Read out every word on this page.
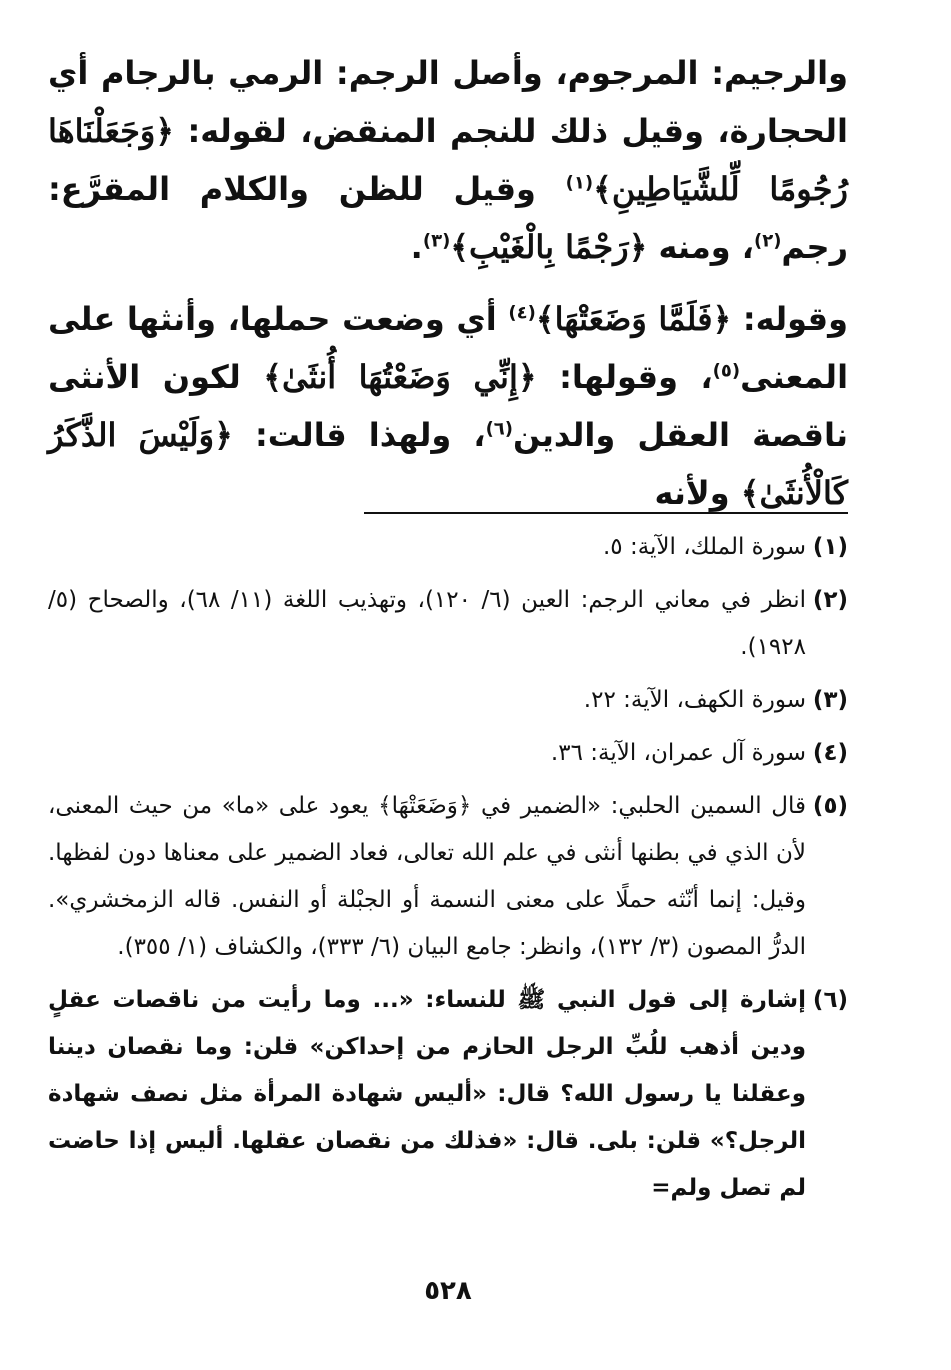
والرجيم: المرجوم، وأصل الرجم: الرمي بالرجام أي الحجارة، وقيل ذلك للنجم المنقض، لقوله: ﴿وَجَعَلْنَاهَا رُجُومًا لِّلشَّيَاطِينِ﴾$^{(١)}$ وقيل للظن والكلام المقرَّع: رجم$^{(٢)}$، ومنه ﴿رَجْمًا بِالْغَيْبِ﴾$^{(٣)}$.

وقوله: ﴿فَلَمَّا وَضَعَتْهَا﴾$^{(٤)}$ أي وضعت حملها، وأنثها على المعنى$^{(٥)}$، وقولها: ﴿إِنِّي وَضَعْتُهَا أُنثَىٰ﴾ لكون الأنثى ناقصة العقل والدين$^{(٦)}$، ولهذا قالت: ﴿وَلَيْسَ الذَّكَرُ كَالْأُنثَىٰ﴾ ولأنه

(١)
سورة الملك، الآية: ٥.
(٢)
انظر في معاني الرجم: العين (٦/ ١٢٠)، وتهذيب اللغة (١١/ ٦٨)، والصحاح (٥/ ١٩٢٨).
(٣)
سورة الكهف، الآية: ٢٢.
(٤)
سورة آل عمران، الآية: ٣٦.
(٥)
قال السمين الحلبي: «الضمير في ﴿وَضَعَتْهَا﴾ يعود على «ما» من حيث المعنى، لأن الذي في بطنها أنثى في علم الله تعالى، فعاد الضمير على معناها دون لفظها. وقيل: إنما أنّثه حملًا على معنى النسمة أو الجبْلة أو النفس. قاله الزمخشري». الدرُّ المصون (٣/ ١٣٢)، وانظر: جامع البيان (٦/ ٣٣٣)، والكشاف (١/ ٣٥٥).
(٦)
إشارة إلى قول النبي ﷺ للنساء: «... وما رأيت من ناقصات عقلٍ ودين أذهب للُبِّ الرجل الحازم من إحداكن» قلن: وما نقصان ديننا وعقلنا يا رسول الله؟ قال: «أليس شهادة المرأة مثل نصف شهادة الرجل؟» قلن: بلى. قال: «فذلك من نقصان عقلها. أليس إذا حاضت لم تصل ولم=
٥٢٨
